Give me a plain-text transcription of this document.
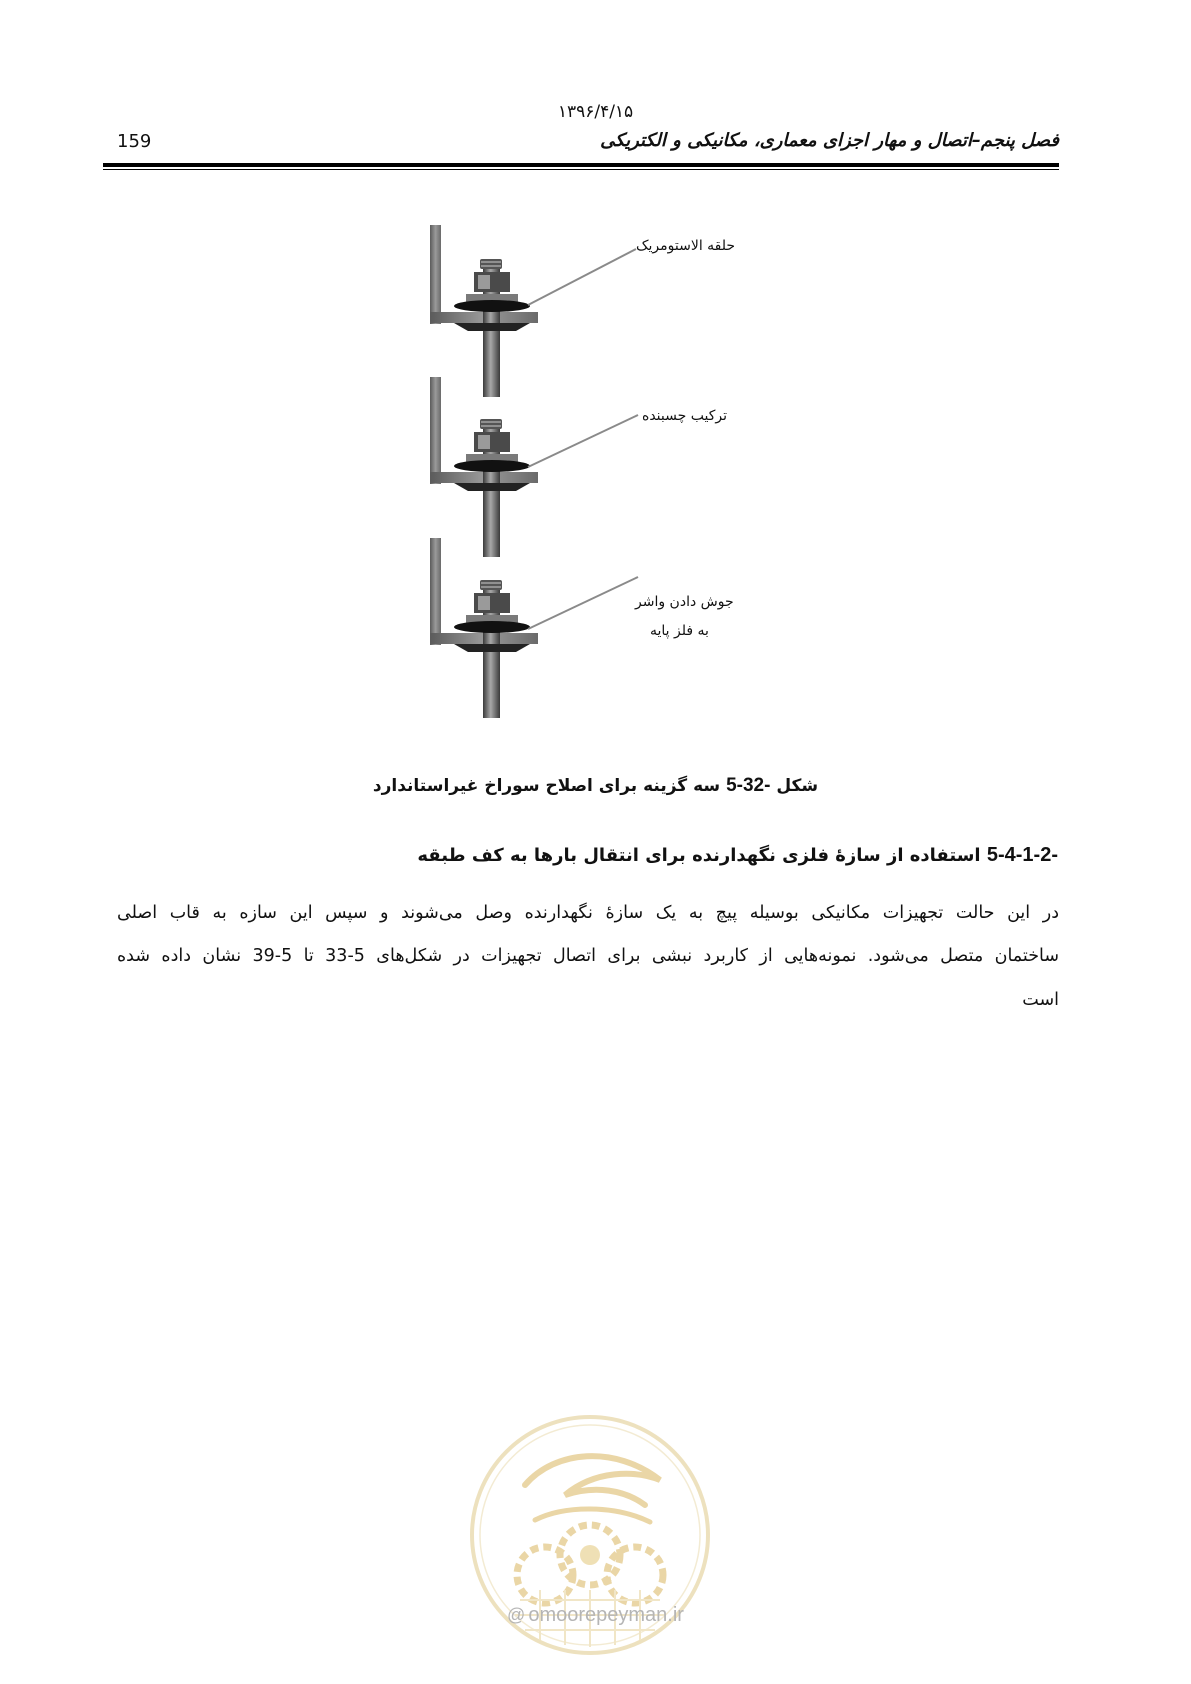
۱۳۹۶/۴/۱۵
159	فصل پنجم–اتصال و مهار اجزای معماری، مکانیکی و الکتریکی
حلقه الاستومریک
ترکیب چسبنده
جوش دادن واشر
به فلز پایه
شکل 5-32- سه گزینه برای اصلاح سوراخ غیراستاندارد
5-4-1-2- استفاده از سازهٔ فلزی نگهدارنده برای انتقال بارها به کف طبقه
در این حالت تجهیزات مکانیکی بوسیله پیچ به یک سازهٔ نگهدارنده وصل می‌شوند و سپس این سازه به قاب اصلی
ساختمان متصل می‌شود. نمونه‌هایی از کاربرد نبشی برای اتصال تجهیزات در شکل‌های 5-33 تا 5-39 نشان داده شده
است
@ omoorepeyman.ir
